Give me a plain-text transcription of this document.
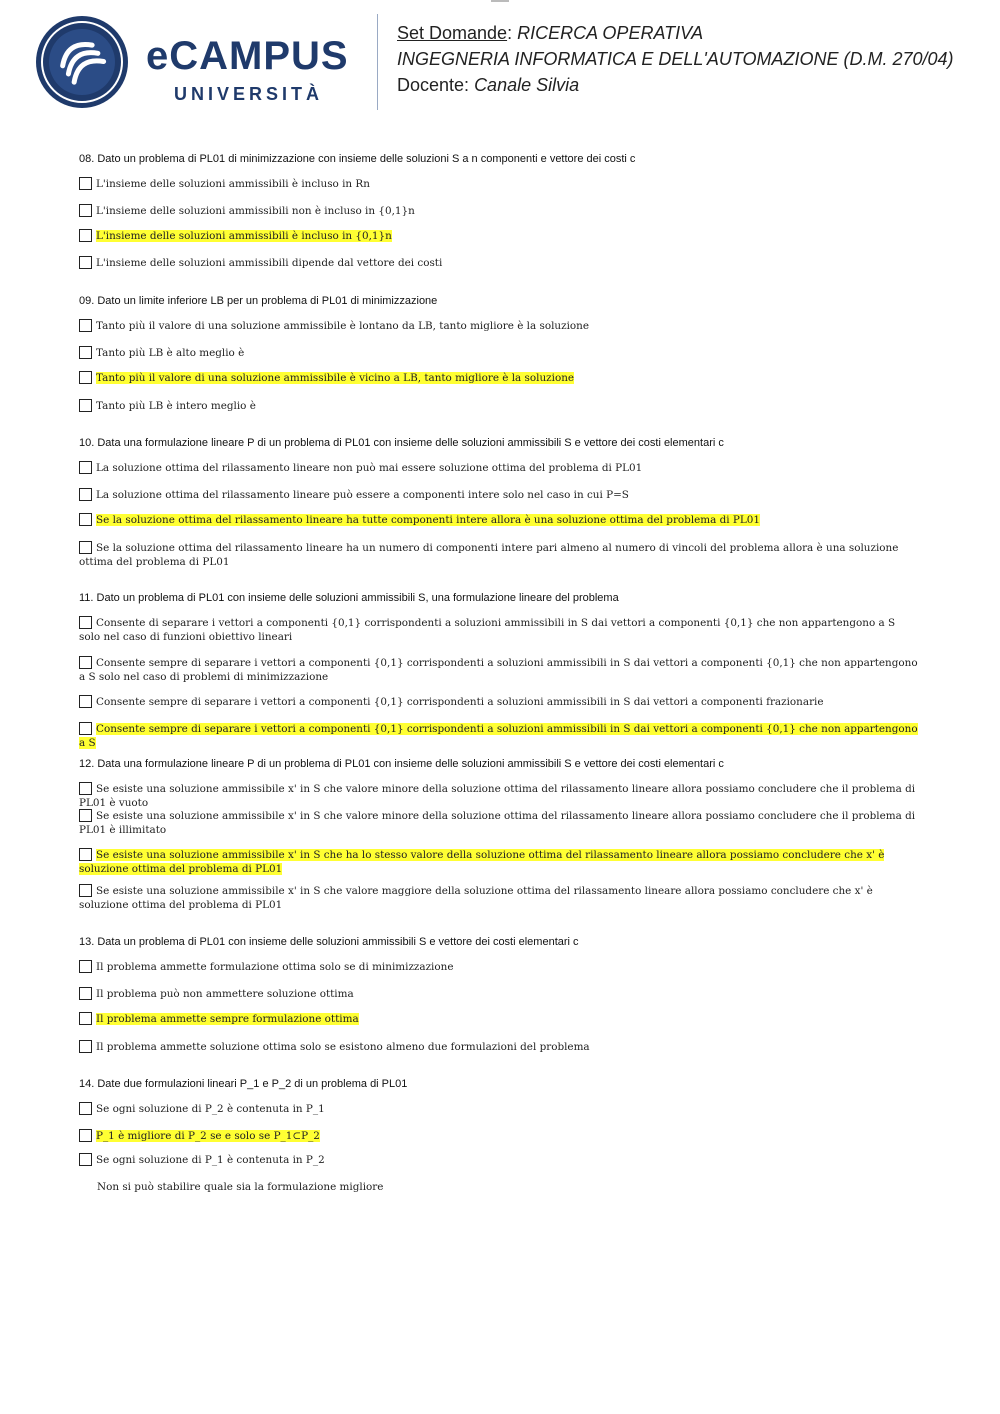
eCAMPUS
UNIVERSITÀ
Set Domande: RICERCA OPERATIVA
INGEGNERIA INFORMATICA E DELL'AUTOMAZIONE (D.M. 270/04)
Docente: Canale Silvia
08. Dato un problema di PL01 di minimizzazione con insieme delle soluzioni S a n componenti e vettore dei costi c
L'insieme delle soluzioni ammissibili è incluso in Rn
L'insieme delle soluzioni ammissibili non è incluso in {0,1}n
L'insieme delle soluzioni ammissibili è incluso in {0,1}n
L'insieme delle soluzioni ammissibili dipende dal vettore dei costi
09. Dato un limite inferiore LB per un problema di PL01 di minimizzazione
Tanto più il valore di una soluzione ammissibile è lontano da LB, tanto migliore è la soluzione
Tanto più LB è alto meglio è
Tanto più il valore di una soluzione ammissibile è vicino a LB, tanto migliore è la soluzione
Tanto più LB è intero meglio è
10. Data una formulazione lineare P di un problema di PL01 con insieme delle soluzioni ammissibili S e vettore dei costi elementari c
La soluzione ottima del rilassamento lineare non può mai essere soluzione ottima del problema di PL01
La soluzione ottima del rilassamento lineare può essere a componenti intere solo nel caso in cui P=S
Se la soluzione ottima del rilassamento lineare ha tutte componenti intere allora è una soluzione ottima del problema di PL01
Se la soluzione ottima del rilassamento lineare ha un numero di componenti intere pari almeno al numero di vincoli del problema allora è una soluzione ottima del problema di PL01
11. Dato un problema di PL01 con insieme delle soluzioni ammissibili S, una formulazione lineare del problema
Consente di separare i vettori a componenti {0,1} corrispondenti a soluzioni ammissibili in S dai vettori a componenti {0,1} che non appartengono a S solo nel caso di funzioni obiettivo lineari
Consente sempre di separare i vettori a componenti {0,1} corrispondenti a soluzioni ammissibili in S dai vettori a componenti {0,1} che non appartengono a S solo nel caso di problemi di minimizzazione
Consente sempre di separare i vettori a componenti {0,1} corrispondenti a soluzioni ammissibili in S dai vettori a componenti frazionarie
Consente sempre di separare i vettori a componenti {0,1} corrispondenti a soluzioni ammissibili in S dai vettori a componenti {0,1} che non appartengono a S
12. Data una formulazione lineare P di un problema di PL01 con insieme delle soluzioni ammissibili S e vettore dei costi elementari c
Se esiste una soluzione ammissibile x' in S che valore minore della soluzione ottima del rilassamento lineare allora possiamo concludere che il problema di PL01 è vuoto
Se esiste una soluzione ammissibile x' in S che valore minore della soluzione ottima del rilassamento lineare allora possiamo concludere che il problema di PL01 è illimitato
Se esiste una soluzione ammissibile x' in S che ha lo stesso valore della soluzione ottima del rilassamento lineare allora possiamo concludere che x' è soluzione ottima del problema di PL01
Se esiste una soluzione ammissibile x' in S che valore maggiore della soluzione ottima del rilassamento lineare allora possiamo concludere che x' è soluzione ottima del problema di PL01
13. Data un problema di PL01 con insieme delle soluzioni ammissibili S e vettore dei costi elementari c
Il problema ammette formulazione ottima solo se di minimizzazione
Il problema può non ammettere soluzione ottima
Il problema ammette sempre formulazione ottima
Il problema ammette soluzione ottima solo se esistono almeno due formulazioni del problema
14. Date due formulazioni lineari P_1 e P_2 di un problema di PL01
Se ogni soluzione di P_2 è contenuta in P_1
P_1 è migliore di P_2 se e solo se P_1⊂P_2
Se ogni soluzione di P_1 è contenuta in P_2
Non si può stabilire quale sia la formulazione migliore
